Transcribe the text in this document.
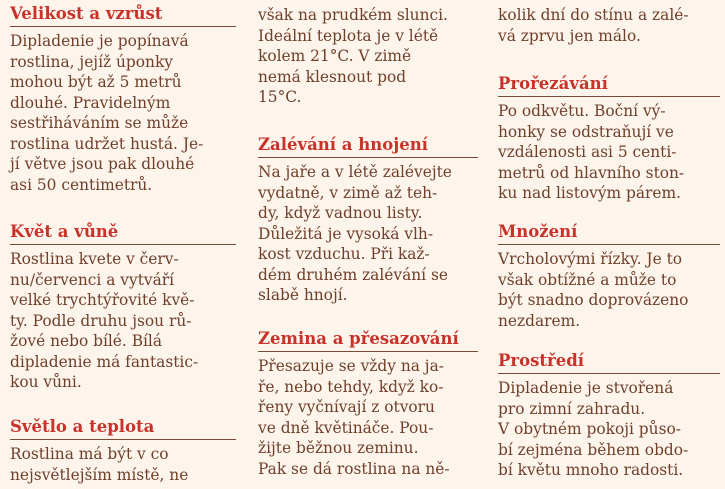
Velikost a vzrůst
Dipladenie je popínavá
rostlina, jejíž úponky
mohou být až 5 metrů
dlouhé. Pravidelným
sestřiháváním se může
rostlina udržet hustá. Je-
jí větve jsou pak dlouhé
asi 50 centimetrů.
Květ a vůně
Rostlina kvete v červ-
nu/červenci a vytváří
velké trychtýřovité kvě-
ty. Podle druhu jsou rů-
žové nebo bílé. Bílá
dipladenie má fantastic-
kou vůni.
Světlo a teplota
Rostlina má být v co
nejsvětlejším místě, ne
však na prudkém slunci.
Ideální teplota je v létě
kolem 21°C. V zimě
nemá klesnout pod
15°C.
Zalévání a hnojení
Na jaře a v létě zalévejte
vydatně, v zimě až teh-
dy, když vadnou listy.
Důležitá je vysoká vlh-
kost vzduchu. Při kaž-
dém druhém zalévání se
slabě hnojí.
Zemina a přesazování
Přesazuje se vždy na ja-
ře, nebo tehdy, když ko-
řeny vyčnívají z otvoru
ve dně květináče. Pou-
žijte běžnou zeminu.
Pak se dá rostlina na ně-
kolik dní do stínu a zalé-
vá zprvu jen málo.
Prořezávání
Po odkvětu. Boční vý-
honky se odstraňují ve
vzdálenosti asi 5 centi-
metrů od hlavního ston-
ku nad listovým párem.
Množení
Vrcholovými řízky. Je to
však obtížné a může to
být snadno doprovázeno
nezdarem.
Prostředí
Dipladenie je stvořená
pro zimní zahradu.
V obytném pokoji půso-
bí zejména během obdo-
bí květu mnoho radosti.
